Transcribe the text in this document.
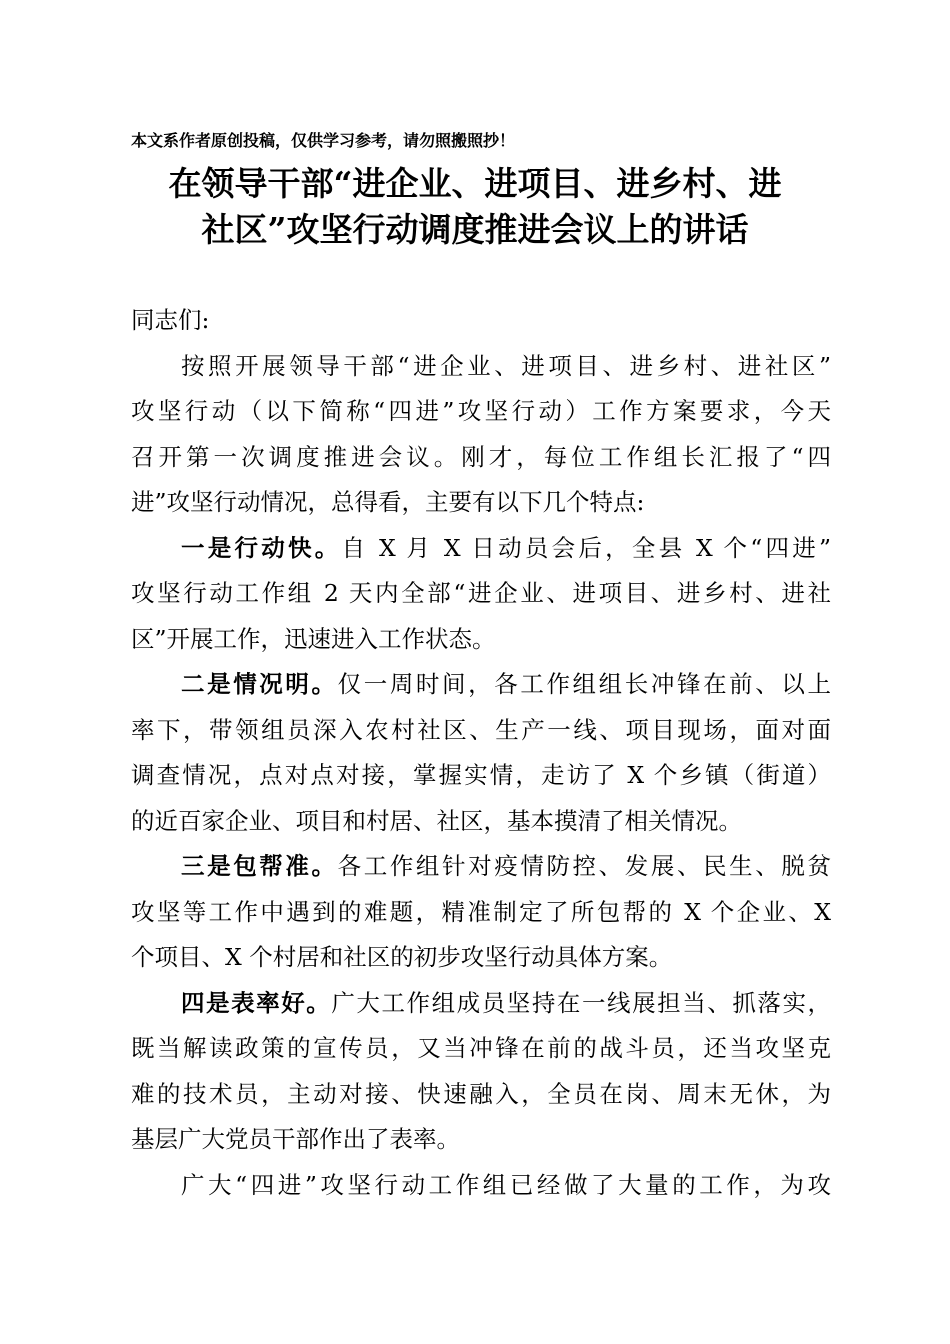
本文系作者原创投稿，仅供学习参考，请勿照搬照抄！
在领导干部“进企业、进项目、进乡村、进
社区”攻坚行动调度推进会议上的讲话
同志们:
按照开展领导干部“进企业、进项目、进乡村、进社区”
攻坚行动（以下简称“四进”攻坚行动）工作方案要求，今天
召开第一次调度推进会议。刚才，每位工作组长汇报了“四
进”攻坚行动情况，总得看，主要有以下几个特点:
一是行动快。自 X 月 X 日动员会后，全县 X 个“四进”
攻坚行动工作组 2 天内全部“进企业、进项目、进乡村、进社
区”开展工作，迅速进入工作状态。
二是情况明。仅一周时间，各工作组组长冲锋在前、以上
率下，带领组员深入农村社区、生产一线、项目现场，面对面
调查情况，点对点对接，掌握实情，走访了 X 个乡镇（街道）
的近百家企业、项目和村居、社区，基本摸清了相关情况。
三是包帮准。各工作组针对疫情防控、发展、民生、脱贫
攻坚等工作中遇到的难题，精准制定了所包帮的 X 个企业、X
个项目、X 个村居和社区的初步攻坚行动具体方案。
四是表率好。广大工作组成员坚持在一线展担当、抓落实，
既当解读政策的宣传员，又当冲锋在前的战斗员，还当攻坚克
难的技术员，主动对接、快速融入，全员在岗、周末无休，为
基层广大党员干部作出了表率。
广大“四进”攻坚行动工作组已经做了大量的工作，为攻
